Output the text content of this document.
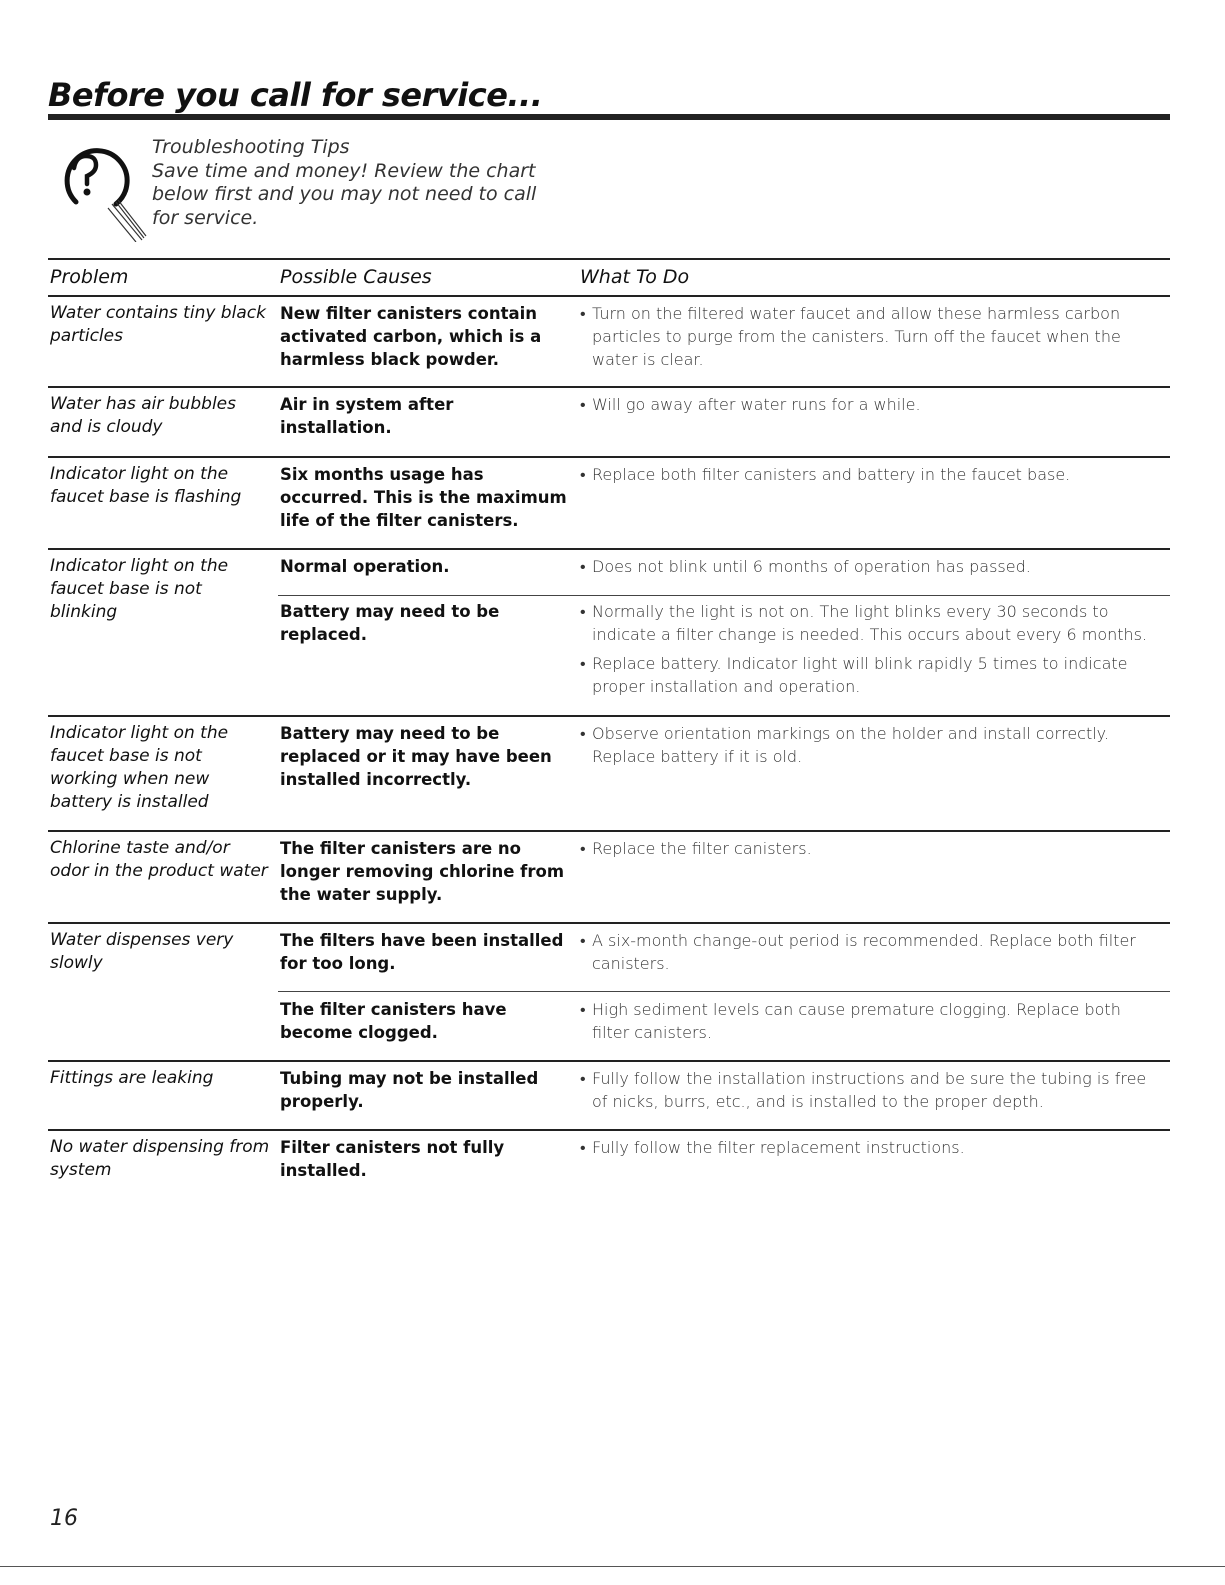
Before you call for service...
Troubleshooting Tips
Save time and money! Review the chart
below first and you may not need to call
for service.
Problem	Possible Causes	What To Do
Water contains tiny black particles
New filter canisters contain activated carbon, which is a harmless black powder.
• Turn on the filtered water faucet and allow these harmless carbon particles to purge from the canisters. Turn off the faucet when the water is clear.
Water has air bubbles and is cloudy
Air in system after installation.
• Will go away after water runs for a while.
Indicator light on the faucet base is flashing
Six months usage has occurred. This is the maximum life of the filter canisters.
• Replace both filter canisters and battery in the faucet base.
Indicator light on the faucet base is not blinking
Normal operation.
•	Does not blink until 6 months of operation has passed.
Battery may need to be replaced.
• Normally the light is not on. The light blinks every 30 seconds to indicate a filter change is needed. This occurs about every 6 months.
• Replace battery. Indicator light will blink rapidly 5 times to indicate proper installation and operation.
Indicator light on the faucet base is not working when new battery is installed
Battery may need to be replaced or it may have been installed incorrectly.
• Observe orientation markings on the holder and install correctly. Replace battery if it is old.
Chlorine taste and/or odor in the product water
The filter canisters are no longer removing chlorine from the water supply.
• Replace the filter canisters.
Water dispenses very slowly
The filters have been installed for too long.
• A six-month change-out period is recommended. Replace both filter canisters.
The filter canisters have become clogged.
• High sediment levels can cause premature clogging. Replace both filter canisters.
Fittings are leaking	Tubing may not be installed properly.
• Fully follow the installation instructions and be sure the tubing is free of nicks, burrs, etc., and is installed to the proper depth.
No water dispensing from system
Filter canisters not fully installed.
• Fully follow the filter replacement instructions.
16
